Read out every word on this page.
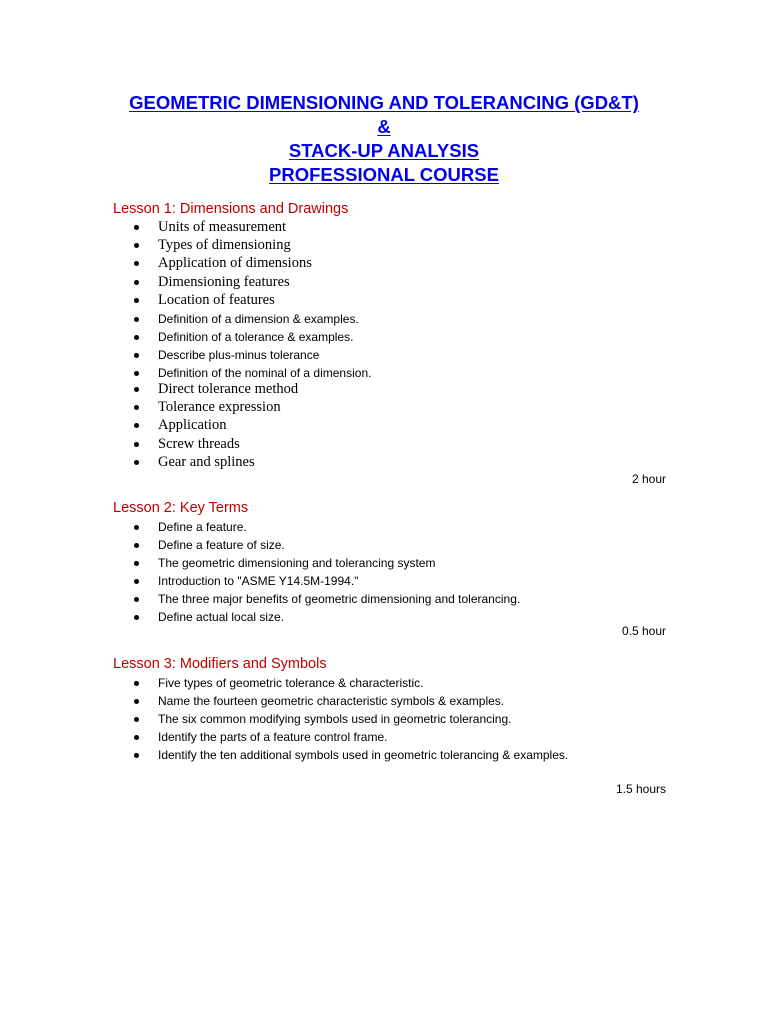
GEOMETRIC DIMENSIONING AND TOLERANCING (GD&T)
&
STACK-UP ANALYSIS
PROFESSIONAL COURSE
Lesson 1: Dimensions and Drawings
Units of measurement
Types of dimensioning
Application of dimensions
Dimensioning features
Location of features
Definition of a dimension & examples.
Definition of a tolerance & examples.
Describe plus-minus tolerance
Definition of the nominal of a dimension.
Direct tolerance method
Tolerance expression
Application
Screw threads
Gear and splines

2 hour

Lesson 2: Key Terms
Define a feature.
Define a feature of size.
The geometric dimensioning and tolerancing system
Introduction to "ASME Y14.5M-1994."
The three major benefits of geometric dimensioning and tolerancing.
Define actual local size.

0.5 hour

Lesson 3: Modifiers and Symbols
Five types of geometric tolerance & characteristic.
Name the fourteen geometric characteristic symbols & examples.
The six common modifying symbols used in geometric tolerancing.
Identify the parts of a feature control frame.
Identify the ten additional symbols used in geometric tolerancing & examples.

1.5 hours
